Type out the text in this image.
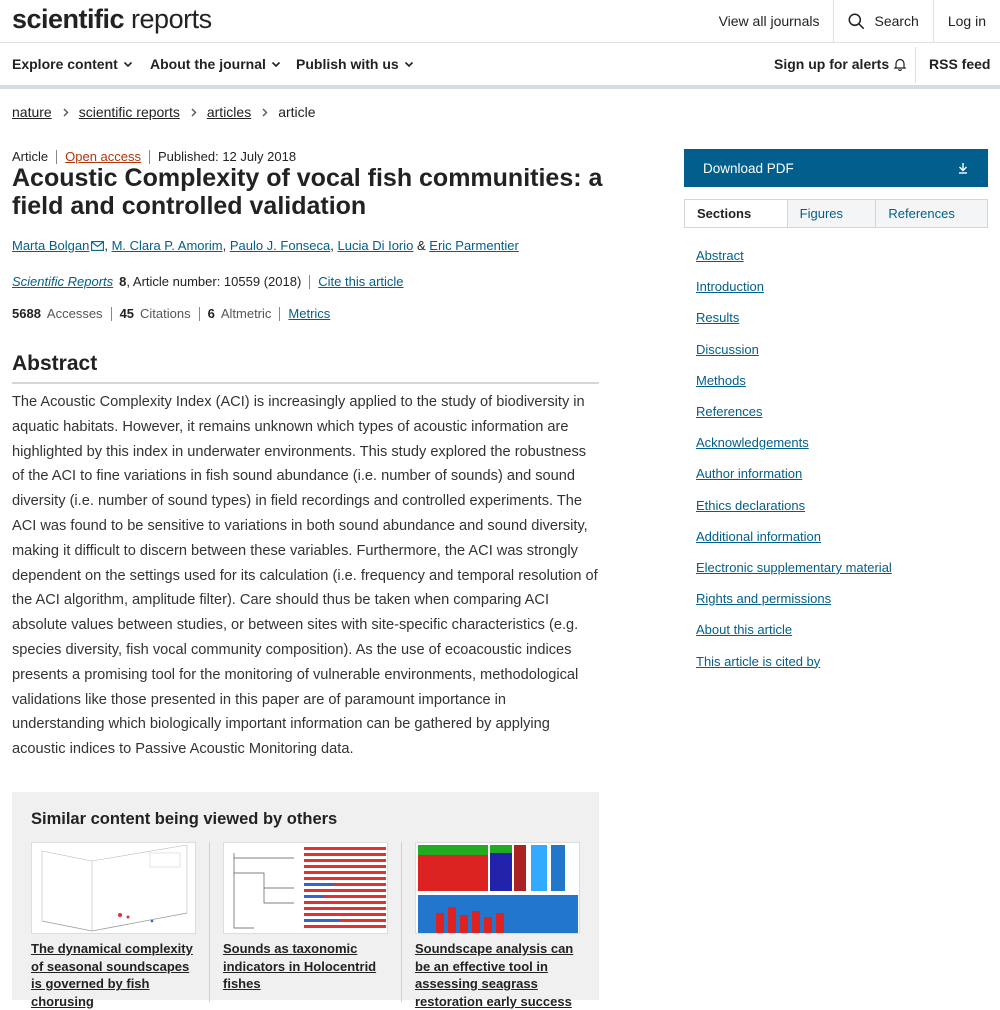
scientific reports	View all journals	Search	Log in
Explore content About the journal Publish with us	Sign up for alerts	RSS feed
nature scientific reports articles article
Article Open access Published: 12 July 2018
Acoustic Complexity of vocal fish communities: a field and controlled validation
Marta Bolgan , M. Clara P. Amorim, Paulo J. Fonseca, Lucia Di Iorio & Eric Parmentier
Scientific Reports 8 , Article number: 10559 (2018) Cite this article
5688 Accesses 45 Citations 6 Altmetric Metrics
Abstract

The Acoustic Complexity Index (ACI) is increasingly applied to the study of biodiversity in aquatic habitats. However, it remains unknown which types of acoustic information are highlighted by this index in underwater environments. This study explored the robustness of the ACI to fine variations in fish sound abundance (i.e. number of sounds) and sound diversity (i.e. number of sound types) in field recordings and controlled experiments. The ACI was found to be sensitive to variations in both sound abundance and sound diversity, making it difficult to discern between these variables. Furthermore, the ACI was strongly dependent on the settings used for its calculation (i.e. frequency and temporal resolution of the ACI algorithm, amplitude filter). Care should thus be taken when comparing ACI absolute values between studies, or between sites with site-specific characteristics (e.g. species diversity, fish vocal community composition). As the use of ecoacoustic indices presents a promising tool for the monitoring of vulnerable environments, methodological validations like those presented in this paper are of paramount importance in understanding which biologically important information can be gathered by applying acoustic indices to Passive Acoustic Monitoring data.

Similar content being viewed by others
The dynamical complexity of seasonal soundscapes is governed by fish chorusing
Sounds as taxonomic indicators in Holocentrid fishes
Soundscape analysis can be an effective tool in assessing seagrass restoration early success
Download PDF
Sections	Figures	References
Abstract
Introduction
Results
Discussion
Methods
References
Acknowledgements
Author information
Ethics declarations
Additional information
Electronic supplementary material
Rights and permissions
About this article
This article is cited by
